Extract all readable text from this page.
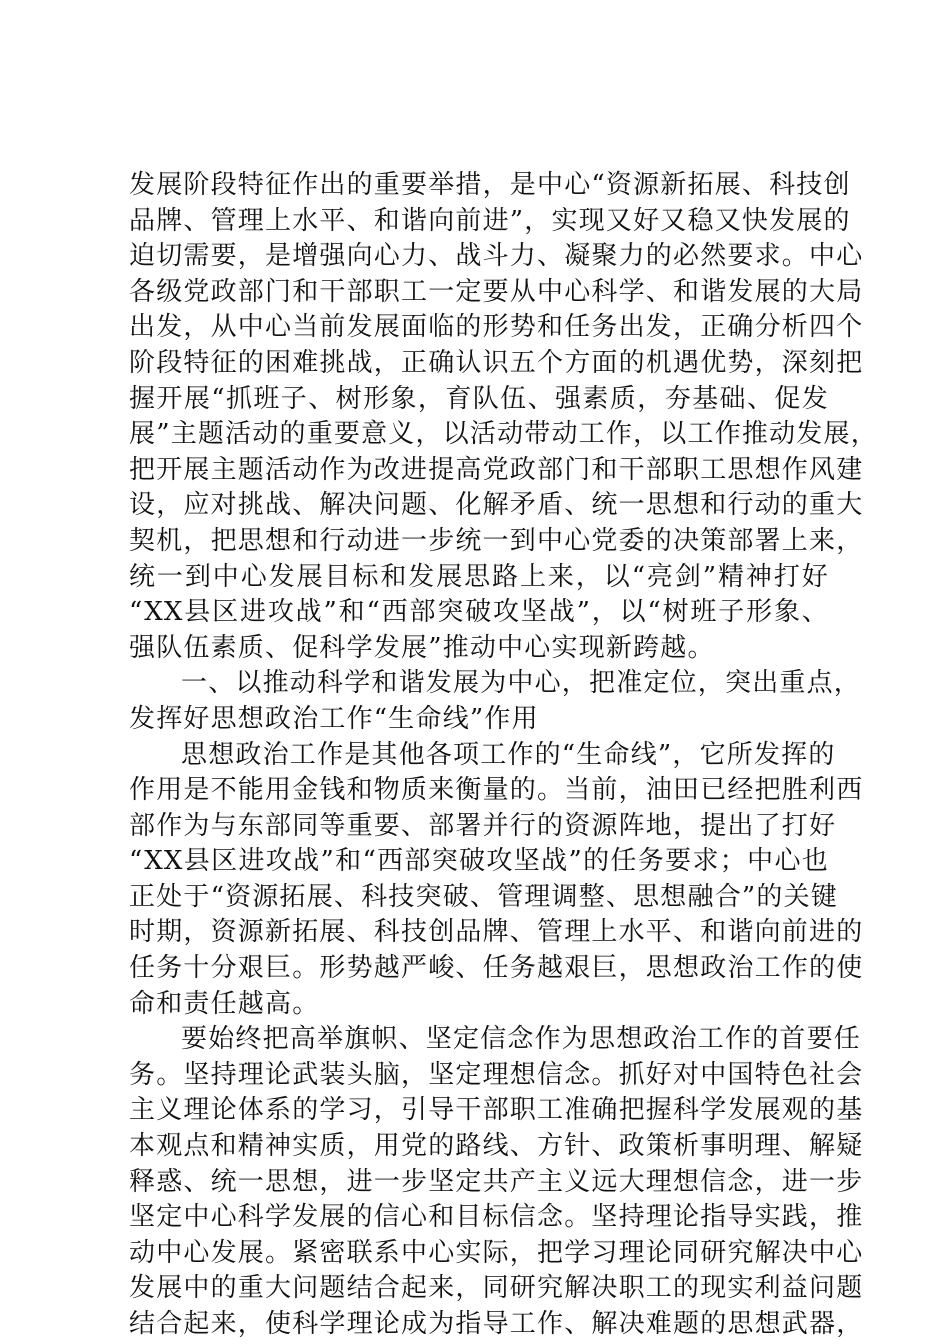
发展阶段特征作出的重要举措，是中心“资源新拓展、科技创
品牌、管理上水平、和谐向前进”，实现又好又稳又快发展的
迫切需要，是增强向心力、战斗力、凝聚力的必然要求。中心
各级党政部门和干部职工一定要从中心科学、和谐发展的大局
出发，从中心当前发展面临的形势和任务出发，正确分析四个
阶段特征的困难挑战，正确认识五个方面的机遇优势，深刻把
握开展“抓班子、树形象，育队伍、强素质，夯基础、促发
展”主题活动的重要意义，以活动带动工作，以工作推动发展，
把开展主题活动作为改进提高党政部门和干部职工思想作风建
设，应对挑战、解决问题、化解矛盾、统一思想和行动的重大
契机，把思想和行动进一步统一到中心党委的决策部署上来，
统一到中心发展目标和发展思路上来，以“亮剑”精神打好
“XX县区进攻战”和“西部突破攻坚战”，以“树班子形象、
强队伍素质、促科学发展”推动中心实现新跨越。
一、以推动科学和谐发展为中心，把准定位，突出重点，
发挥好思想政治工作“生命线”作用
思想政治工作是其他各项工作的“生命线”，它所发挥的
作用是不能用金钱和物质来衡量的。当前，油田已经把胜利西
部作为与东部同等重要、部署并行的资源阵地，提出了打好
“XX县区进攻战”和“西部突破攻坚战”的任务要求；中心也
正处于“资源拓展、科技突破、管理调整、思想融合”的关键
时期，资源新拓展、科技创品牌、管理上水平、和谐向前进的
任务十分艰巨。形势越严峻、任务越艰巨，思想政治工作的使
命和责任越高。
要始终把高举旗帜、坚定信念作为思想政治工作的首要任
务。坚持理论武装头脑，坚定理想信念。抓好对中国特色社会
主义理论体系的学习，引导干部职工准确把握科学发展观的基
本观点和精神实质，用党的路线、方针、政策析事明理、解疑
释惑、统一思想，进一步坚定共产主义远大理想信念，进一步
坚定中心科学发展的信心和目标信念。坚持理论指导实践，推
动中心发展。紧密联系中心实际，把学习理论同研究解决中心
发展中的重大问题结合起来，同研究解决职工的现实利益问题
结合起来，使科学理论成为指导工作、解决难题的思想武器，
